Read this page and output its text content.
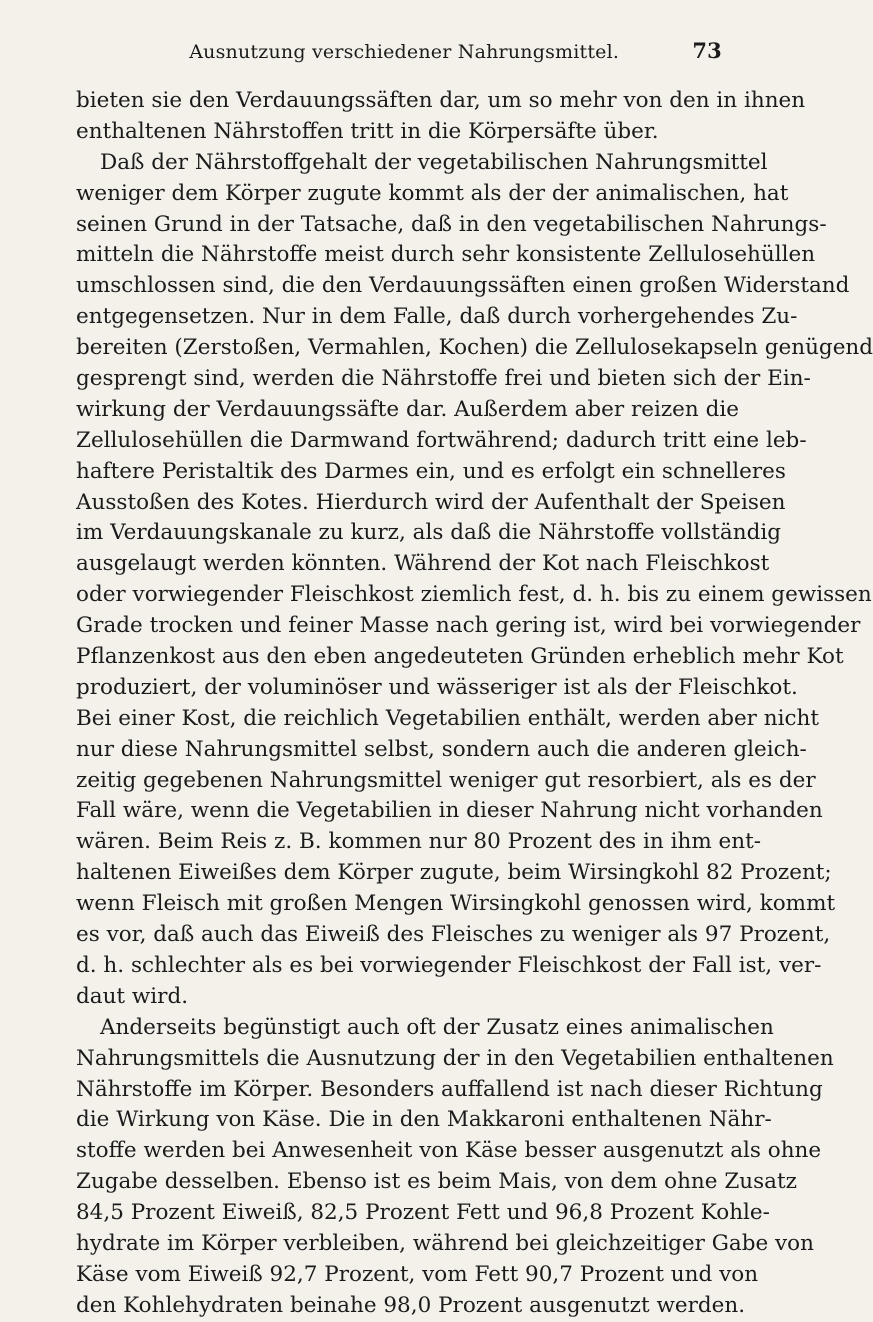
Ausnutzung verschiedener Nahrungsmittel.	73
bieten sie den Verdauungssäften dar, um so mehr von den in ihnen
enthaltenen Nährstoffen tritt in die Körpersäfte über.
Daß der Nährstoffgehalt der vegetabilischen Nahrungsmittel
weniger dem Körper zugute kommt als der der animalischen, hat
seinen Grund in der Tatsache, daß in den vegetabilischen Nahrungs-
mitteln die Nährstoffe meist durch sehr konsistente Zellulosehüllen
umschlossen sind, die den Verdauungssäften einen großen Widerstand
entgegensetzen. Nur in dem Falle, daß durch vorhergehendes Zu-
bereiten (Zerstoßen, Vermahlen, Kochen) die Zellulosekapseln genügend
gesprengt sind, werden die Nährstoffe frei und bieten sich der Ein-
wirkung der Verdauungssäfte dar. Außerdem aber reizen die
Zellulosehüllen die Darmwand fortwährend; dadurch tritt eine leb-
haftere Peristaltik des Darmes ein, und es erfolgt ein schnelleres
Ausstoßen des Kotes. Hierdurch wird der Aufenthalt der Speisen
im Verdauungskanale zu kurz, als daß die Nährstoffe vollständig
ausgelaugt werden könnten. Während der Kot nach Fleischkost
oder vorwiegender Fleischkost ziemlich fest, d. h. bis zu einem gewissen
Grade trocken und feiner Masse nach gering ist, wird bei vorwiegender
Pflanzenkost aus den eben angedeuteten Gründen erheblich mehr Kot
produziert, der voluminöser und wässeriger ist als der Fleischkot.
Bei einer Kost, die reichlich Vegetabilien enthält, werden aber nicht
nur diese Nahrungsmittel selbst, sondern auch die anderen gleich-
zeitig gegebenen Nahrungsmittel weniger gut resorbiert, als es der
Fall wäre, wenn die Vegetabilien in dieser Nahrung nicht vorhanden
wären. Beim Reis z. B. kommen nur 80 Prozent des in ihm ent-
haltenen Eiweißes dem Körper zugute, beim Wirsingkohl 82 Prozent;
wenn Fleisch mit großen Mengen Wirsingkohl genossen wird, kommt
es vor, daß auch das Eiweiß des Fleisches zu weniger als 97 Prozent,
d. h. schlechter als es bei vorwiegender Fleischkost der Fall ist, ver-
daut wird.
Anderseits begünstigt auch oft der Zusatz eines animalischen
Nahrungsmittels die Ausnutzung der in den Vegetabilien enthaltenen
Nährstoffe im Körper. Besonders auffallend ist nach dieser Richtung
die Wirkung von Käse. Die in den Makkaroni enthaltenen Nähr-
stoffe werden bei Anwesenheit von Käse besser ausgenutzt als ohne
Zugabe desselben. Ebenso ist es beim Mais, von dem ohne Zusatz
84,5 Prozent Eiweiß, 82,5 Prozent Fett und 96,8 Prozent Kohle-
hydrate im Körper verbleiben, während bei gleichzeitiger Gabe von
Käse vom Eiweiß 92,7 Prozent, vom Fett 90,7 Prozent und von
den Kohlehydraten beinahe 98,0 Prozent ausgenutzt werden.
